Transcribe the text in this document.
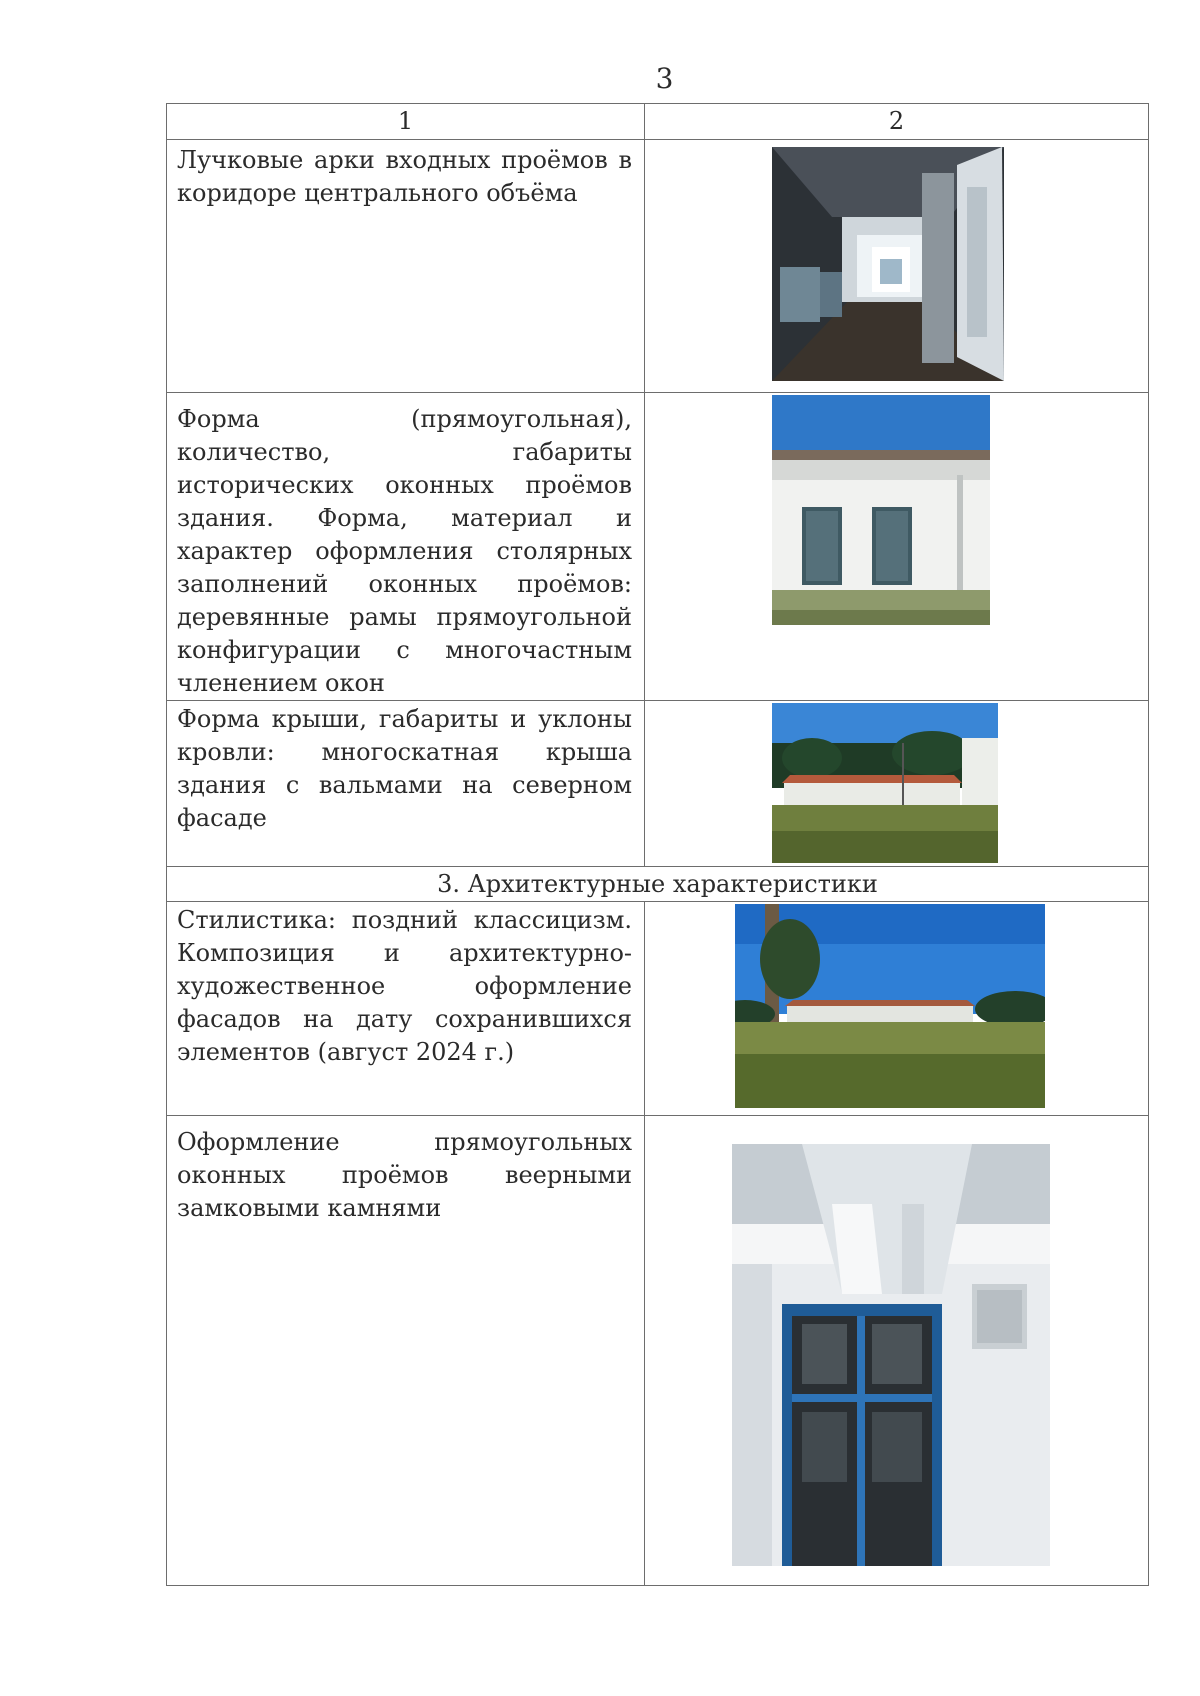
3
1	2

Лучковые арки входных проёмов в коридоре центрального объёма

Форма (прямоугольная), количество, габариты исторических оконных проёмов здания. Форма, материал и характер оформления столярных заполнений оконных проёмов: деревянные рамы прямоугольной конфигурации с многочастным членением окон

Форма крыши, габариты и уклоны кровли: многоскатная крыша здания с вальмами на северном фасаде

3. Архитектурные характеристики	

Стилистика: поздний классицизм. Композиция и архитектурно-художественное оформление фасадов на дату сохранившихся элементов (август 2024 г.)

Оформление прямоугольных оконных проёмов веерными замковыми камнями
